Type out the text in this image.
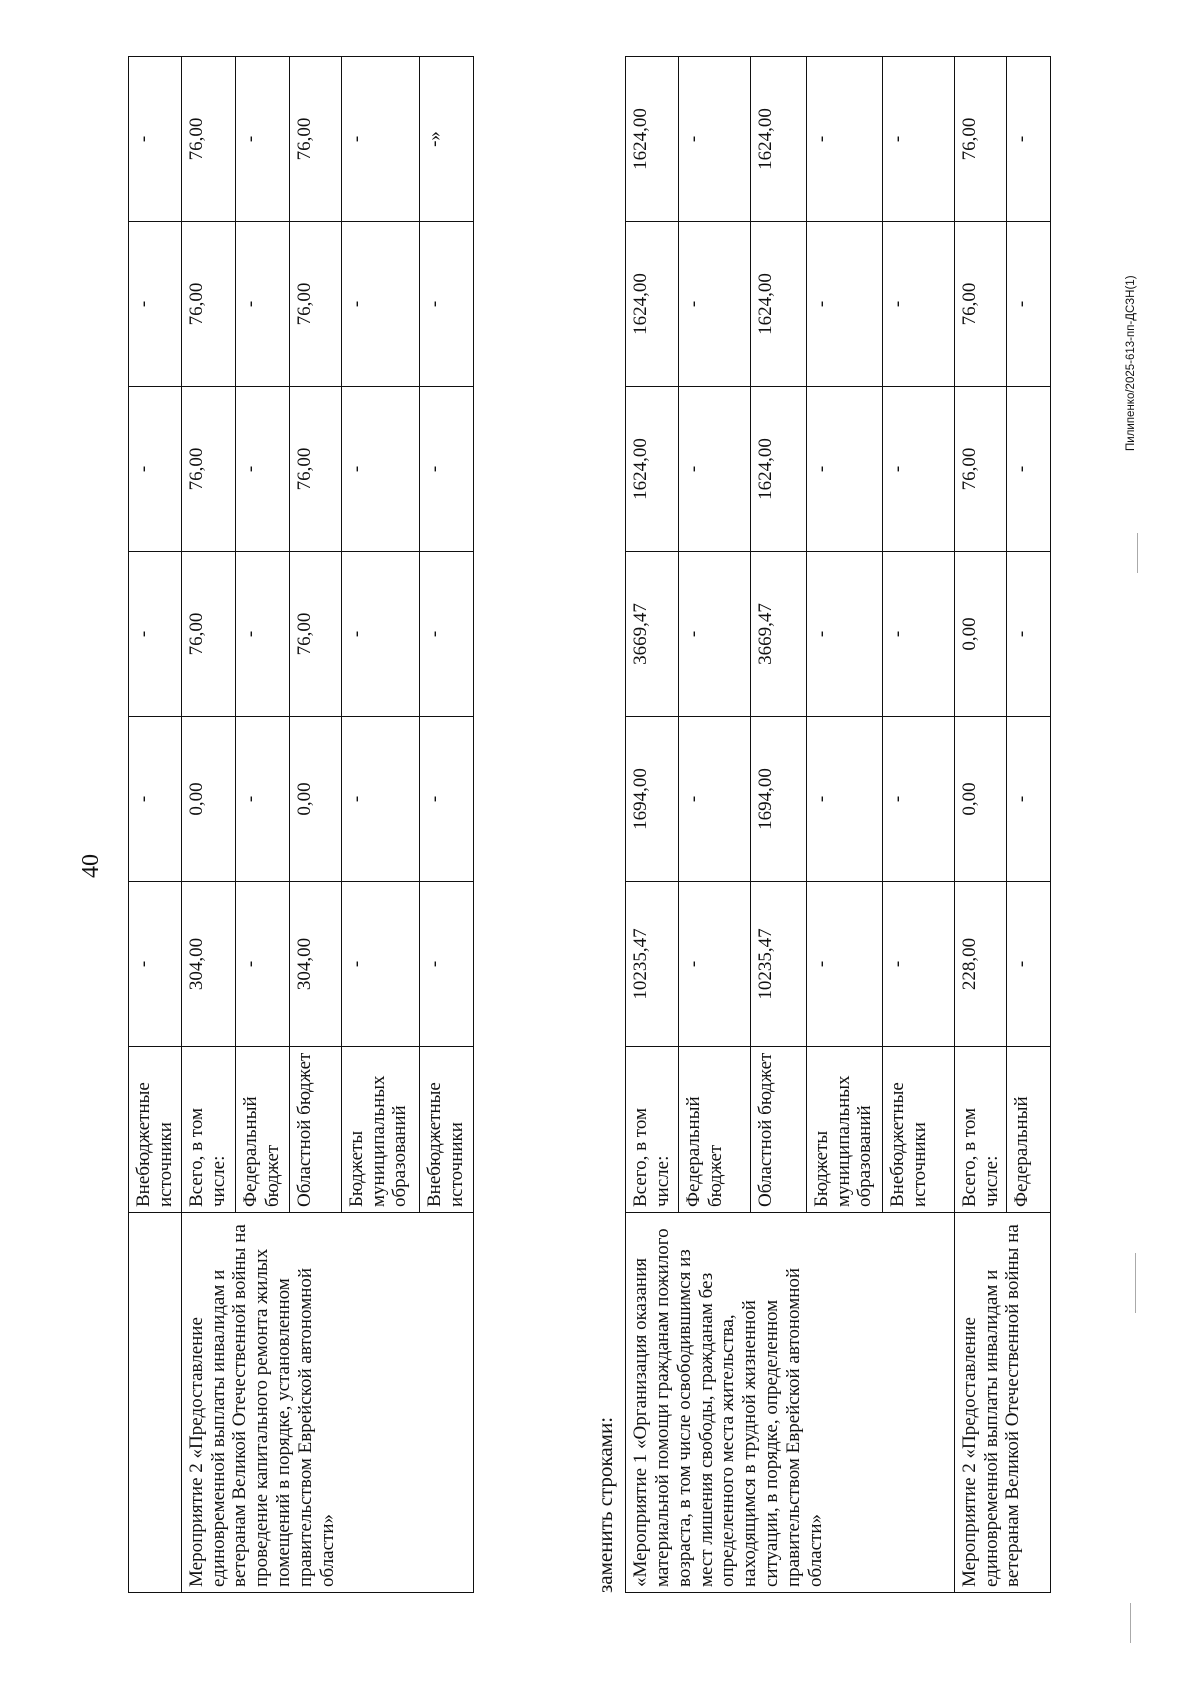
40
	Внебюджетные источники	-	-	-	-	-	-
Мероприятие 2 «Предоставление единовременной выплаты инвалидам и ветеранам Великой Отечественной войны на проведение капитального ремонта жилых помещений в порядке, установленном правительством Еврейской автономной области»	Всего, в том числе:	304,00	0,00	76,00	76,00	76,00	76,00
	Федеральный бюджет	-	-	-	-	-	-
	Областной бюджет	304,00	0,00	76,00	76,00	76,00	76,00
	Бюджеты муниципальных образований	-	-	-	-	-	-
	Внебюджетные источники	-	-	-	-	-	-»
заменить строками: «Мероприятие 1 «Организация оказания материальной помощи гражданам пожилого возраста, в том числе освободившимся из мест лишения свободы, гражданам без определенного места жительства, находящимся в трудной жизненной ситуации, в порядке, определенном правительством Еврейской автономной области»	Всего, в том числе:	10235,47	1694,00	3669,47	1624,00	1624,00	1624,00
	Федеральный бюджет	-	-	-	-	-	-
	Областной бюджет	10235,47	1694,00	3669,47	1624,00	1624,00	1624,00
	Бюджеты муниципальных образований	-	-	-	-	-	-
	Внебюджетные источники	-	-	-	-	-	-
Мероприятие 2 «Предоставление единовременной выплаты инвалидам и ветеранам Великой Отечественной войны на	Всего, в том числе:	228,00	0,00	0,00	76,00	76,00	76,00
	Федеральный	-	-	-	-	-	-
Пилипенко/2025-613-пп-ДСЗН(1)
